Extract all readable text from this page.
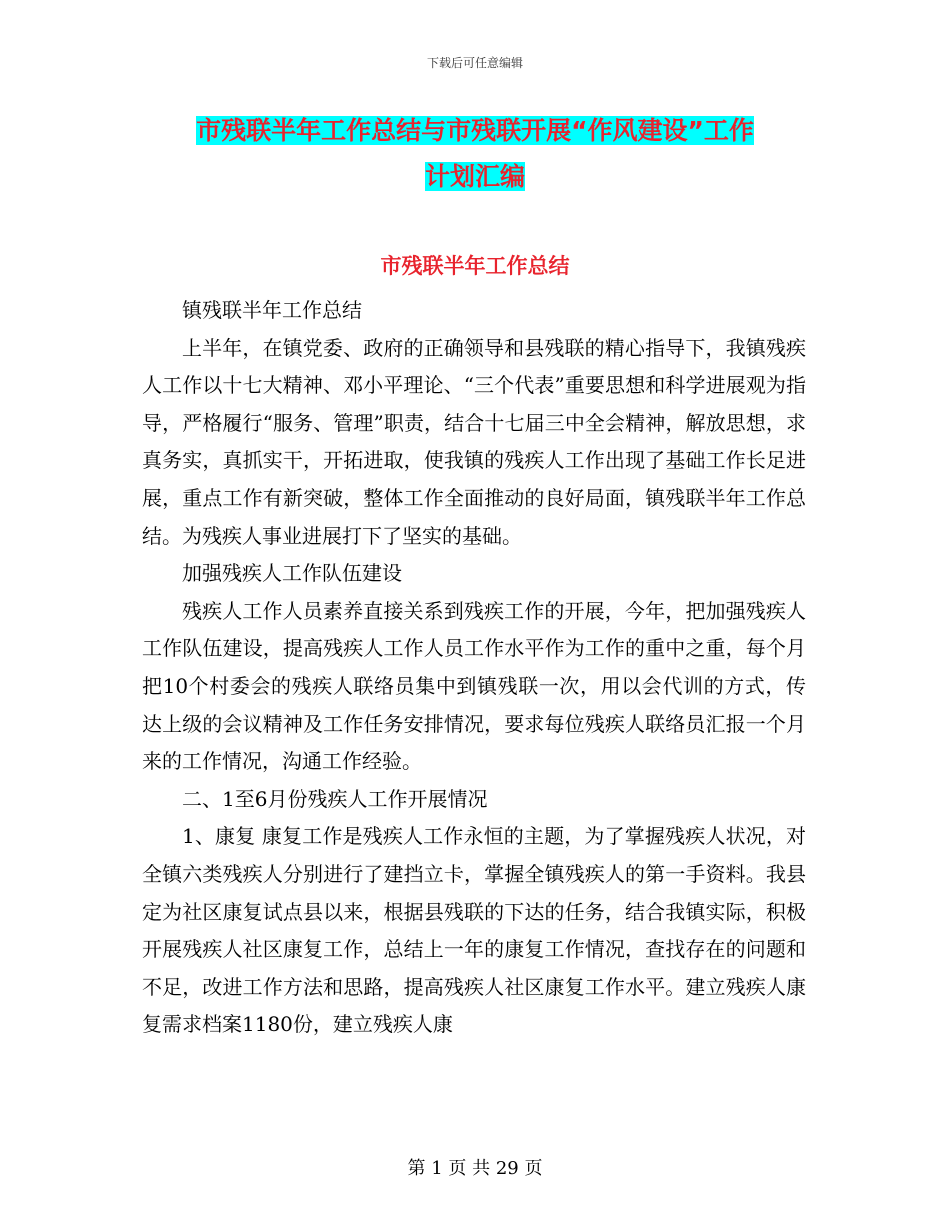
下载后可任意编辑
市残联半年工作总结与市残联开展“作风建设”工作
计划汇编
市残联半年工作总结

镇残联半年工作总结

上半年，在镇党委、政府的正确领导和县残联的精心指导下，我镇残疾人工作以十七大精神、邓小平理论、“三个代表”重要思想和科学进展观为指导，严格履行“服务、管理”职责，结合十七届三中全会精神，解放思想，求真务实，真抓实干，开拓进取，使我镇的残疾人工作出现了基础工作长足进展，重点工作有新突破，整体工作全面推动的良好局面，镇残联半年工作总结。为残疾人事业进展打下了坚实的基础。

加强残疾人工作队伍建设

残疾人工作人员素养直接关系到残疾工作的开展，今年，把加强残疾人工作队伍建设，提高残疾人工作人员工作水平作为工作的重中之重，每个月把10个村委会的残疾人联络员集中到镇残联一次，用以会代训的方式，传达上级的会议精神及工作任务安排情况，要求每位残疾人联络员汇报一个月来的工作情况，沟通工作经验。

二、1至6月份残疾人工作开展情况

1、康复 康复工作是残疾人工作永恒的主题，为了掌握残疾人状况，对全镇六类残疾人分别进行了建挡立卡，掌握全镇残疾人的第一手资料。我县定为社区康复试点县以来，根据县残联的下达的任务，结合我镇实际，积极开展残疾人社区康复工作，总结上一年的康复工作情况，查找存在的问题和不足，改进工作方法和思路，提高残疾人社区康复工作水平。建立残疾人康复需求档案1180份，建立残疾人康

第 1 页 共 29 页
